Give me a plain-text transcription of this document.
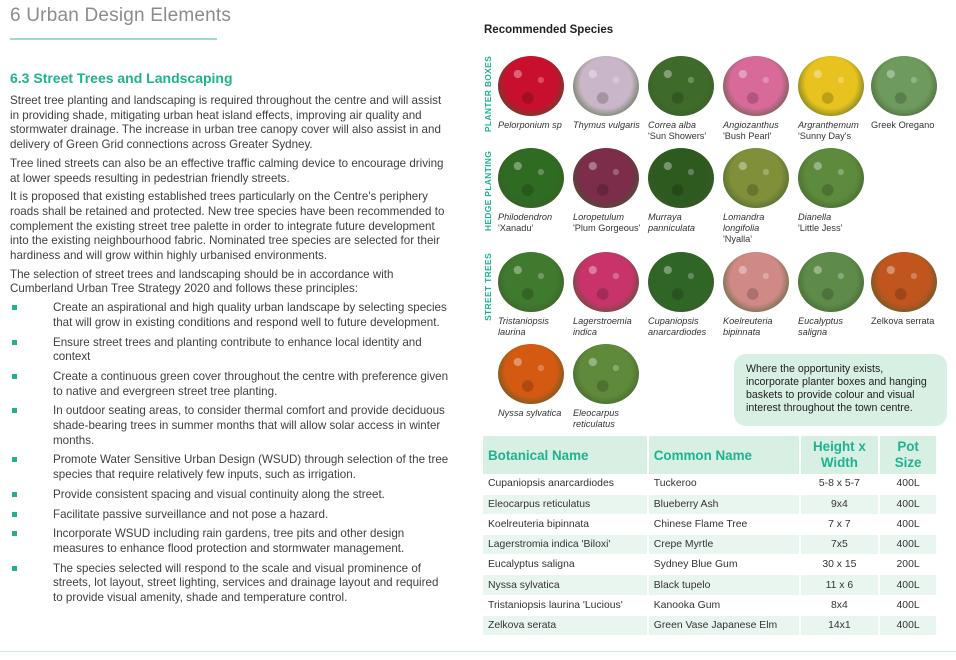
6 Urban Design Elements
6.3 Street Trees and Landscaping

Street tree planting and landscaping is required throughout the centre and will assist in providing shade, mitigating urban heat island effects, improving air quality and stormwater drainage. The increase in urban tree canopy cover will also assist in and delivery of Green Grid connections across Greater Sydney.

Tree lined streets can also be an effective traffic calming device to encourage driving at lower speeds resulting in pedestrian friendly streets.

It is proposed that existing established trees particularly on the Centre's periphery roads shall be retained and protected. New tree species have been recommended to complement the existing street tree palette in order to integrate future development into the existing neighbourhood fabric. Nominated tree species are selected for their hardiness and will grow within highly urbanised environments.

The selection of street trees and landscaping should be in accordance with Cumberland Urban Tree Strategy 2020 and follows these principles:

Create an aspirational and high quality urban landscape by selecting species that will grow in existing conditions and respond well to future development.
Ensure street trees and planting contribute to enhance local identity and context
Create a continuous green cover throughout the centre with preference given to native and evergreen street tree planting.
In outdoor seating areas, to consider thermal comfort and provide deciduous shade-bearing trees in summer months that will allow solar access in winter months.
Promote Water Sensitive Urban Design (WSUD) through selection of the tree species that require relatively few inputs, such as irrigation.
Provide consistent spacing and visual continuity along the street.
Facilitate passive surveillance and not pose a hazard.
Incorporate WSUD including rain gardens, tree pits and other design measures to enhance flood protection and stormwater management.
The species selected will respond to the scale and visual prominence of streets, lot layout, street lighting, services and drainage layout and required to provide visual amenity, shade and temperature control.
Recommended Species
PLANTER BOXES
HEDGE PLANTING
STREET TREES
Pelorponium sp	Thymus vulgaris Correa alba
'Sun Showers'
Angiozanthus
'Bush Pearl'
Argranthemum
'Sunny Day's
Greek Oregano
Philodendron
'Xanadu'
Loropetulum
'Plum Gorgeous'
Murraya panniculata
Lomandra longifolia
'Nyalla'
Dianella
'Little Jess'
Tristaniopsis laurina
Lagerstroemia indica
Cupaniopsis anarcardiodes
Koelreuteria bipinnata
Eucalyptus saligna
Zelkova serrata
Nyssa sylvatica	Eleocarpus reticulatus
Where the opportunity exists, incorporate planter boxes and hanging baskets to provide colour and visual interest throughout the town centre.
Botanical Name	Common Name	Height x Width	Pot Size
Cupaniopsis anarcardiodes	Tuckeroo	5-8 x 5-7	400L
Eleocarpus reticulatus	Blueberry Ash	9x4	400L
Koelreuteria bipinnata	Chinese Flame Tree	7 x 7	400L
Lagerstromia indica 'Biloxi'	Crepe Myrtle	7x5	400L
Eucalyptus saligna	Sydney Blue Gum	30 x 15	200L
Nyssa sylvatica	Black tupelo	11 x 6	400L
Tristaniopsis laurina 'Lucious'	Kanooka Gum	8x4	400L
Zelkova serata	Green Vase Japanese Elm	14x1	400L
